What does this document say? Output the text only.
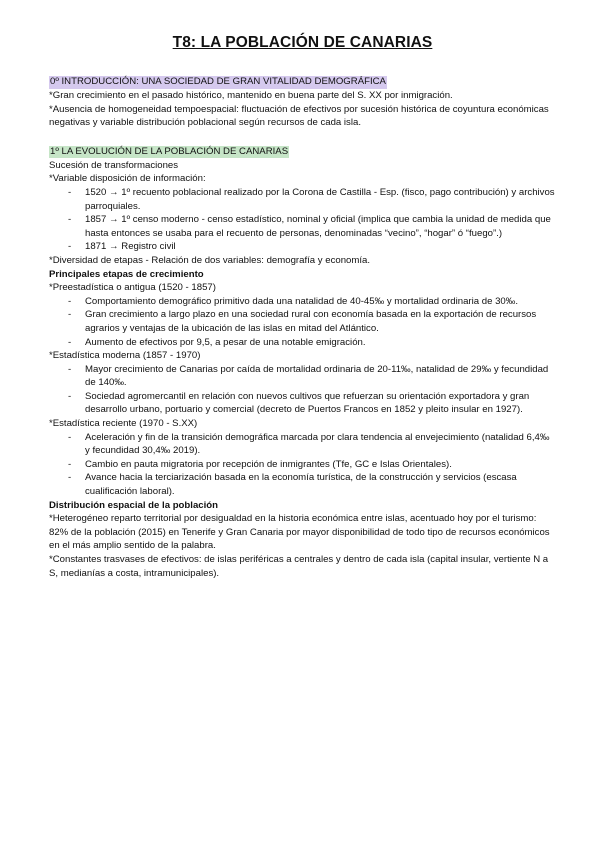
T8: LA POBLACIÓN DE CANARIAS
0º INTRODUCCIÓN: UNA SOCIEDAD DE GRAN VITALIDAD DEMOGRÁFICA

*Gran crecimiento en el pasado histórico, mantenido en buena parte del S. XX por inmigración.

*Ausencia de homogeneidad tempoespacial: fluctuación de efectivos por sucesión histórica de coyuntura económicas negativas y variable distribución poblacional según recursos de cada isla.

1º LA EVOLUCIÓN DE LA POBLACIÓN DE CANARIAS

Sucesión de transformaciones

*Variable disposición de información:

- 1520 → 1º recuento poblacional realizado por la Corona de Castilla - Esp. (fisco, pago contribución) y archivos parroquiales.
- 1857 → 1º censo moderno - censo estadístico, nominal y oficial (implica que cambia la unidad de medida que hasta entonces se usaba para el recuento de personas, denominadas “vecino”, “hogar” ó “fuego”.)
- 1871 → Registro civil

*Diversidad de etapas - Relación de dos variables: demografía y economía.

Principales etapas de crecimiento

*Preestadística o antigua (1520 - 1857)

- Comportamiento demográfico primitivo dada una natalidad de 40-45‰ y mortalidad ordinaria de 30‰.
- Gran crecimiento a largo plazo en una sociedad rural con economía basada en la exportación de recursos agrarios y ventajas de la ubicación de las islas en mitad del Atlántico.
- Aumento de efectivos por 9,5, a pesar de una notable emigración.

*Estadística moderna (1857 - 1970)

- Mayor crecimiento de Canarias por caída de mortalidad ordinaria de 20-11‰, natalidad de 29‰ y fecundidad de 140‰.
- Sociedad agromercantil en relación con nuevos cultivos que refuerzan su orientación exportadora y gran desarrollo urbano, portuario y comercial (decreto de Puertos Francos en 1852 y pleito insular en 1927).

*Estadística reciente (1970 - S.XX)

- Aceleración y fin de la transición demográfica marcada por clara tendencia al envejecimiento (natalidad 6,4‰ y fecundidad 30,4‰ 2019).
- Cambio en pauta migratoria por recepción de inmigrantes (Tfe, GC e Islas Orientales).
- Avance hacia la terciarización basada en la economía turística, de la construcción y servicios (escasa cualificación laboral).

Distribución espacial de la población

*Heterogéneo reparto territorial por desigualdad en la historia económica entre islas, acentuado hoy por el turismo: 82% de la población (2015) en Tenerife y Gran Canaria por mayor disponibilidad de todo tipo de recursos económicos en el más amplio sentido de la palabra.

*Constantes trasvases de efectivos: de islas periféricas a centrales y dentro de cada isla (capital insular, vertiente N a S, medianías a costa, intramunicipales).
